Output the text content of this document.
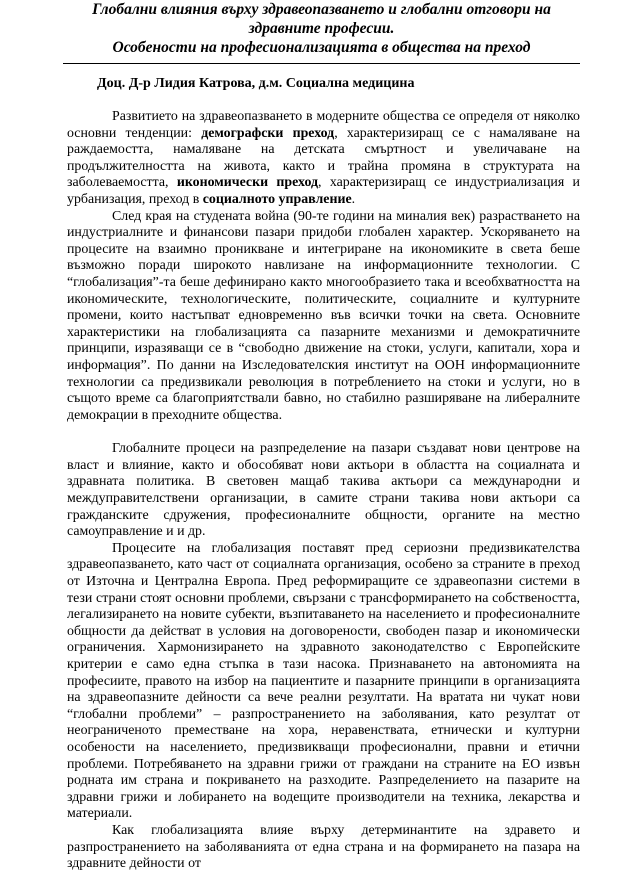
Глобални влияния върху здравеопазването и глобални отговори на
здравните професии.
Особености на професионализацията в общества на преход
Доц. Д-р Лидия Катрова, д.м. Социална медицина

Развитието на здравеопазването в модерните общества се определя от няколко основни тенденции: демографски преход, характеризиращ се с намаляване на раждаемостта, намаляване на детската смъртност и увеличаване на продължителността на живота, както и трайна промяна в структурата на заболеваемостта, икономически преход, характеризиращ се индустриализация и урбанизация, преход в социалното управление.

След края на студената война (90-те години на миналия век) разрастването на индустриалните и финансови пазари придоби глобален характер. Ускоряването на процесите на взаимно проникване и интегриране на икономиките в света беше възможно поради широкото навлизане на информационните технологии. С “глобализация”-та беше дефинирано както многообразието така и всеобхватността на икономическите, технологическите, политическите, социалните и културните промени, които настъпват едновременно във всички точки на света. Основните характеристики на глобализацията са пазарните механизми и демократичните принципи, изразяващи се в “свободно движение на стоки, услуги, капитали, хора и информация”. По данни на Изследователския институт на ООН информационните технологии са предизвикали революция в потреблението на стоки и услуги, но в същото време са благоприятствали бавно, но стабилно разширяване на либералните демокрации в преходните общества.

Глобалните процеси на разпределение на пазари създават нови центрове на власт и влияние, както и обособяват нови актьори в областта на социалната и здравната политика. В световен мащаб такива актьори са международни и междуправителствени организации, в самите страни такива нови актьори са гражданските сдружения, професионалните общности, органите на местно самоуправление и и др.

Процесите на глобализация поставят пред сериозни предизвикателства здравеопазването, като част от социалната организация, особено за страните в преход от Източна и Централна Европа. Пред реформиращите се здравеопазни системи в тези страни стоят основни проблеми, свързани с трансформирането на собствеността, легализирането на новите субекти, възпитаването на населението и професионалните общности да действат в условия на договорености, свободен пазар и икономически ограничения. Хармонизирането на здравното законодателство с Европейските критерии е само една стъпка в тази насока. Признаването на автономията на професиите, правото на избор на пациентите и пазарните принципи в организацията на здравеопазните дейности са вече реални резултати. На вратата ни чукат нови “глобални проблеми” – разпространението на заболявания, като резултат от неограниченото преместване на хора, неравенствата, етнически и културни особености на населението, предизвикващи професионални, правни и етични проблеми. Потребяването на здравни грижи от граждани на страните на ЕО извън родната им страна и покриването на разходите. Разпределението на пазарите на здравни грижи и лобирането на водещите производители на техника, лекарства и материали.

Как глобализацията влияе върху детерминантите на здравето и разпространението на заболяванията от една страна и на формирането на пазара на здравните дейности от
